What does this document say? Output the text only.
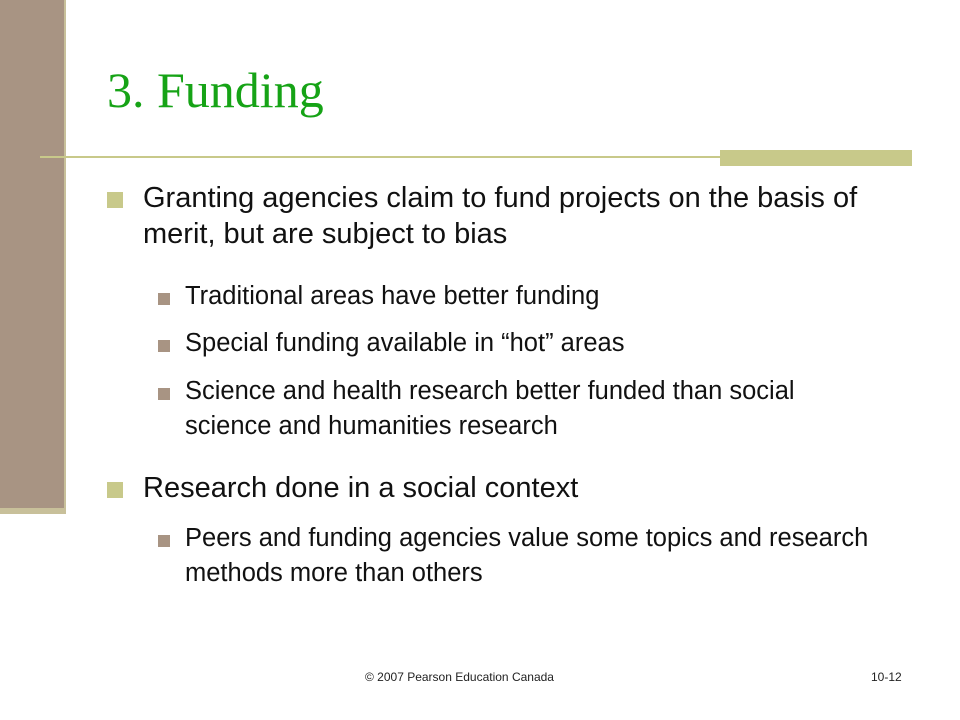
3. Funding
Granting agencies claim to fund projects on the basis of merit, but are subject to bias
Traditional areas have better funding
Special funding available in “hot” areas
Science and health research better funded than social science and humanities research
Research done in a social context
Peers and funding agencies value some topics and research methods more than others
© 2007 Pearson Education Canada	10-12
